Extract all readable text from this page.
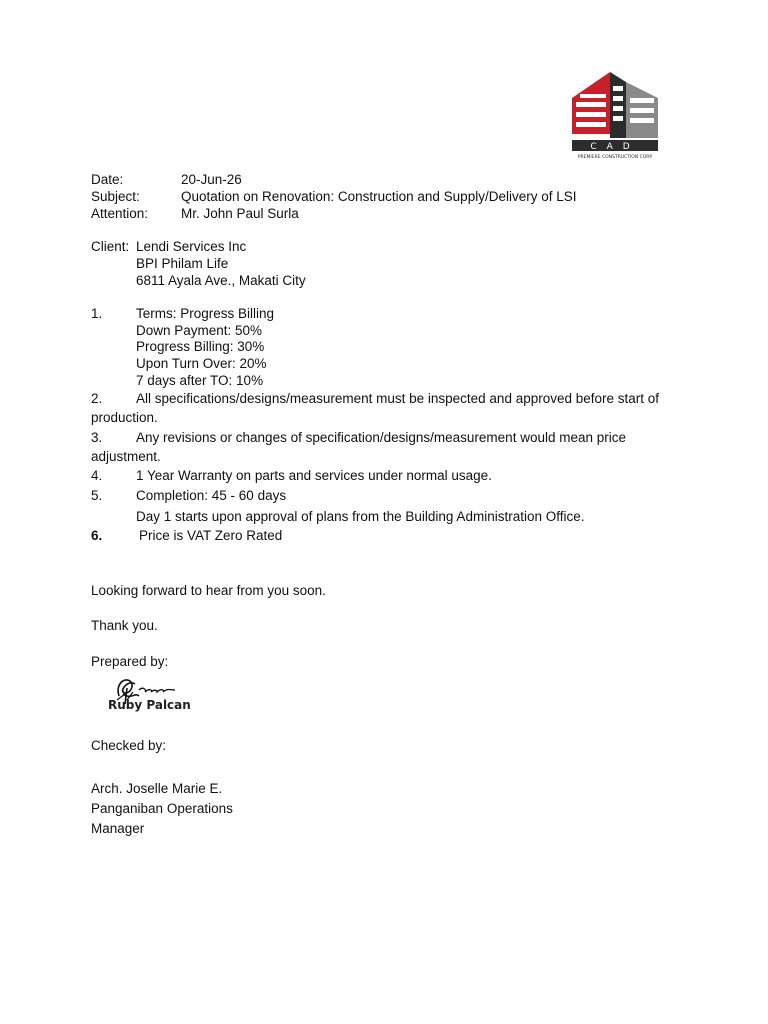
CAD
PREMIERE CONSTRUCTION CORP
Date:	20-Jun-26
Subject:	Quotation on Renovation: Construction and Supply/Delivery of LSI
Attention: Mr. John Paul Surla
Client: Lendi Services Inc
BPI Philam Life
6811 Ayala Ave., Makati City
1. Terms: Progress Billing
Down Payment: 50%
Progress Billing: 30%
Upon Turn Over: 20%
7 days after TO: 10%
2. All specifications/designs/measurement must be inspected and approved before start of
production.
3. Any revisions or changes of specification/designs/measurement would mean price
adjustment.
4. 1 Year Warranty on parts and services under normal usage.
5. Completion: 45 - 60 days
Day 1 starts upon approval of plans from the Building Administration Office.
6.	Price is VAT Zero Rated
Looking forward to hear from you soon.
Thank you.
Prepared by:
Ruby Palcan
Checked by:
Arch. Joselle Marie E.
Panganiban Operations
Manager
